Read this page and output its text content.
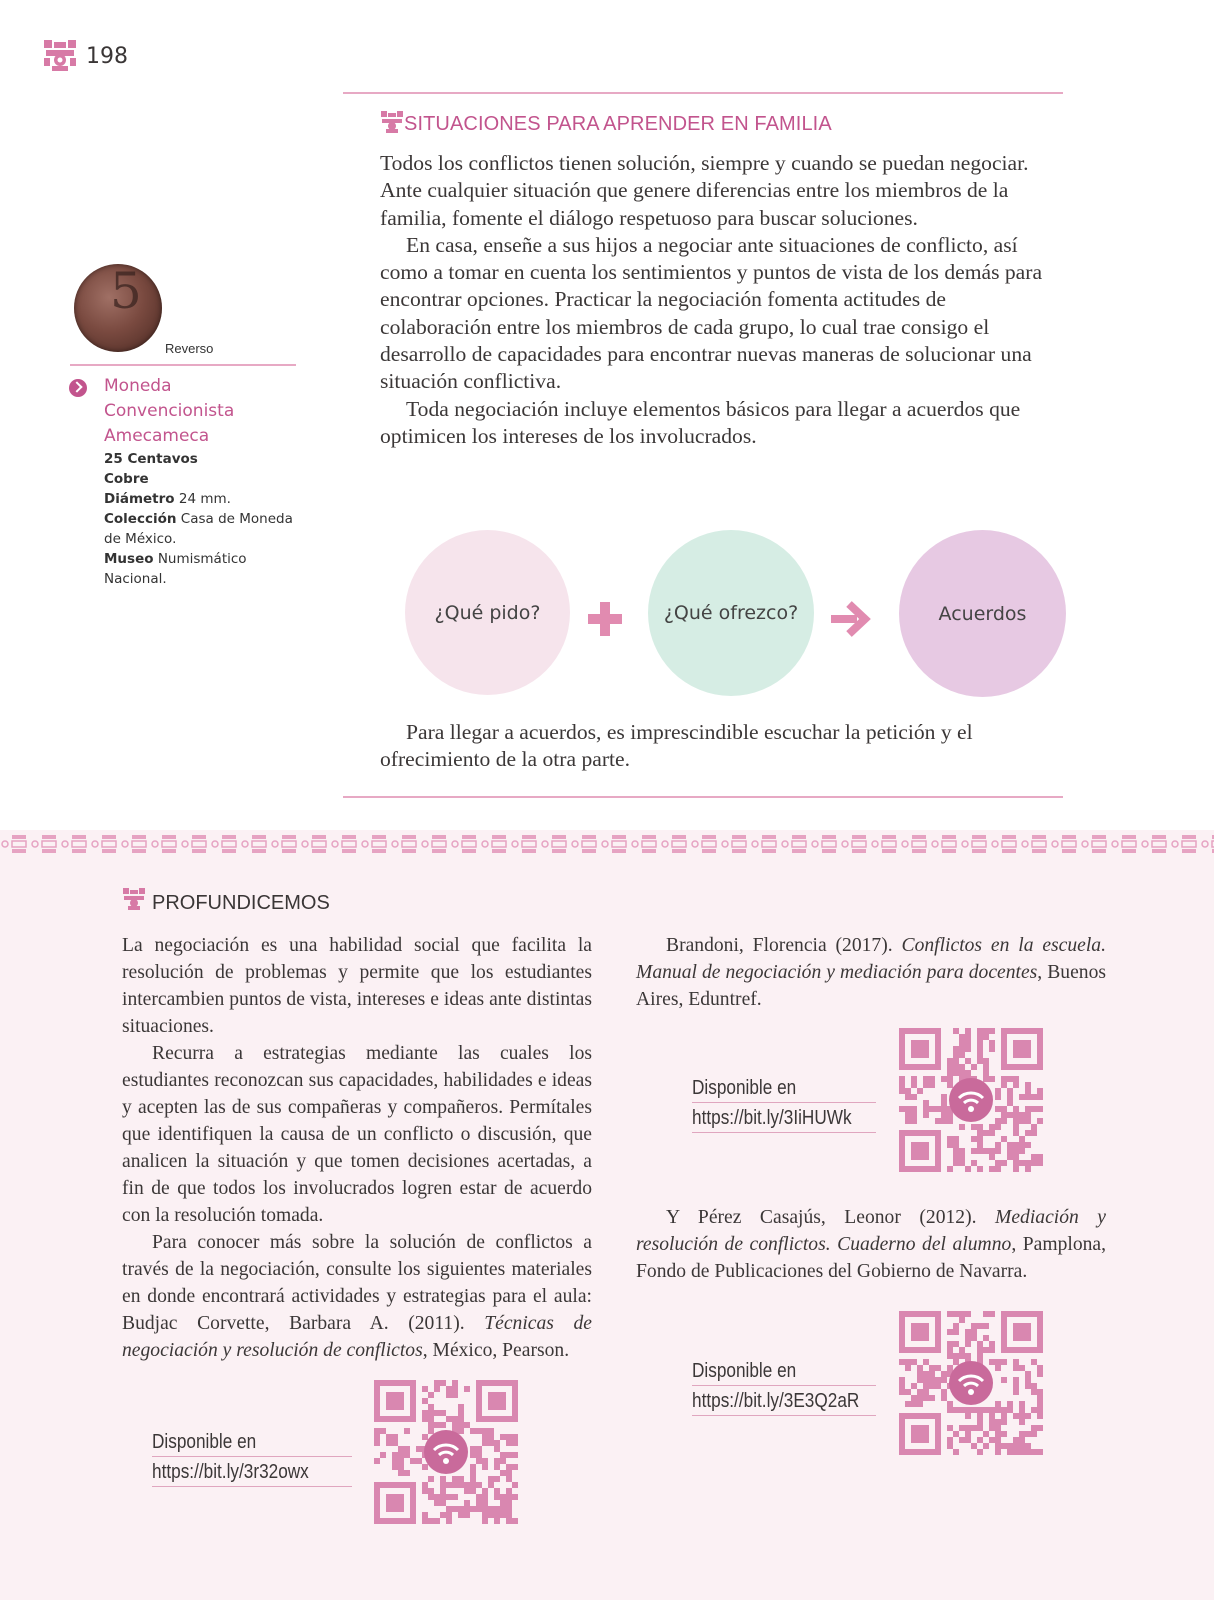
198
SITUACIONES PARA APRENDER EN FAMILIA

Todos los conflictos tienen solución, siempre y cuando se puedan negociar. Ante cualquier situación que genere diferencias entre los miembros de la familia, fomente el diálogo respetuoso para buscar soluciones.

En casa, enseñe a sus hijos a negociar ante situaciones de conflicto, así como a tomar en cuenta los sentimientos y puntos de vista de los demás para encontrar opciones. Practicar la negociación fomenta actitudes de colaboración entre los miembros de cada grupo, lo cual trae consigo el desarrollo de capacidades para encontrar nuevas maneras de solucionar una situación conflictiva.

Toda negociación incluye elementos básicos para llegar a acuerdos que optimicen los intereses de los involucrados.

5
Reverso
Moneda Convencionista Amecameca
25 Centavos
Cobre
Diámetro 24 mm.
Colección Casa de Moneda de México.
Museo Numismático Nacional.
¿Qué pido?	¿Qué ofrezco?	Acuerdos
Para llegar a acuerdos, es imprescindible escuchar la petición y el ofrecimiento de la otra parte.
PROFUNDICEMOS

La negociación es una habilidad social que facilita la resolución de problemas y permite que los estudiantes intercambien puntos de vista, intereses e ideas ante distintas situaciones.

Recurra a estrategias mediante las cuales los estudiantes reconozcan sus capacidades, habilidades e ideas y acepten las de sus compañeras y compañeros. Permítales que identifiquen la causa de un conflicto o discusión, que analicen la situación y que tomen decisiones acertadas, a fin de que todos los involucrados logren estar de acuerdo con la resolución tomada.

Para conocer más sobre la solución de conflictos a través de la negociación, consulte los siguientes materiales en donde encontrará actividades y estrategias para el aula: Budjac Corvette, Barbara A. (2011). Técnicas de negociación y resolución de conflictos, México, Pearson.

Brandoni, Florencia (2017). Conflictos en la escuela. Manual de negociación y mediación para docentes, Buenos Aires, Eduntref.

Y Pérez Casajús, Leonor (2012). Mediación y resolución de conflictos. Cuaderno del alumno, Pamplona, Fondo de Publicaciones del Gobierno de Navarra.
Disponible en
https://bit.ly/3r32owx
Disponible en
https://bit.ly/3IiHUWk
Disponible en
https://bit.ly/3E3Q2aR
